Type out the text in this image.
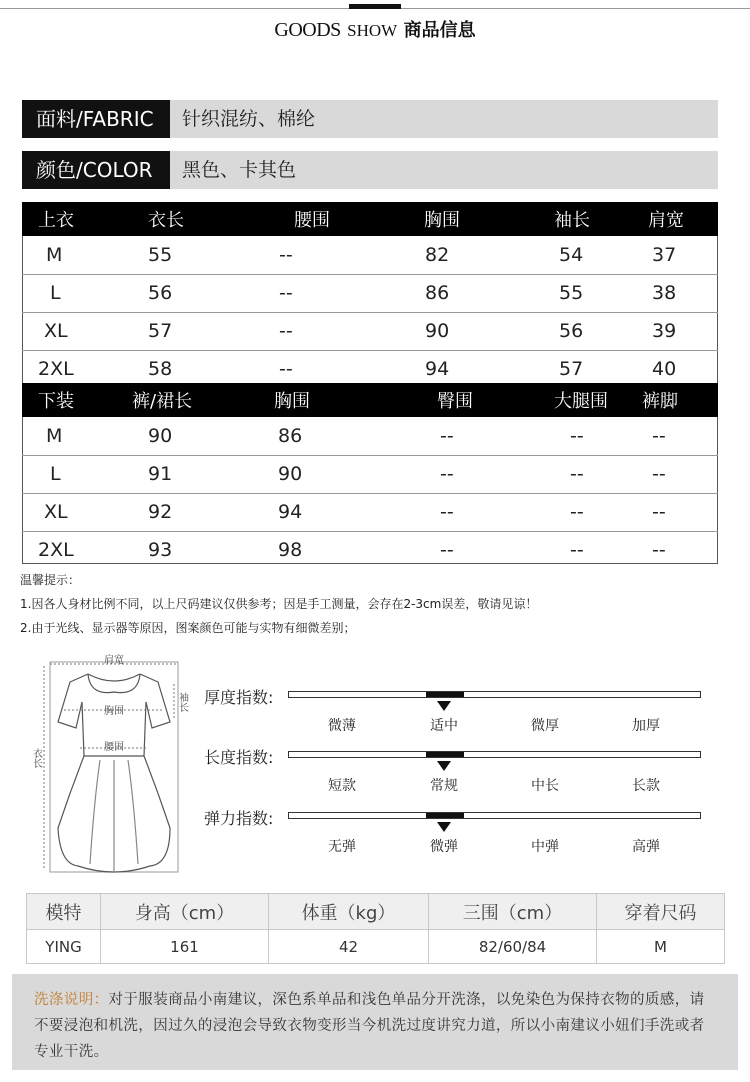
GOODS SHOW 商品信息
面料/FABRIC	针织混纺、棉纶
颜色/COLOR	黑色、卡其色
上衣	衣长	腰围	胸围	袖长	肩宽
M	55	--	82	54	37
L	56	--	86	55	38
XL	57	--	90	56	39
2XL	58	--	94	57	40
下装	裤/裙长	胸围	臀围	大腿围	裤脚
M	90	86	--	--	--
L	91	90	--	--	--
XL	92	94	--	--	--
2XL	93	98	--	--	--

温馨提示：

1.因各人身材比例不同，以上尺码建议仅供参考；因是手工测量，会存在2-3cm误差，敬请见谅！

2.由于光线、显示器等原因，图案颜色可能与实物有细微差别；

肩宽
胸围
腰围
袖长
衣长
厚度指数:
微薄	适中	微厚	加厚
长度指数:
短款	常规	中长	长款
弹力指数:
无弹	微弹	中弹	高弹
模特	身高（cm）	体重（kg）	三围（cm）	穿着尺码
YING	161	42	82/60/84	M
洗涤说明：对于服装商品小南建议，深色系单品和浅色单品分开洗涤，以免染色为保持衣物的质感，请不要浸泡和机洗，因过久的浸泡会导致衣物变形当今机洗过度讲究力道，所以小南建议小妞们手洗或者专业干洗。
